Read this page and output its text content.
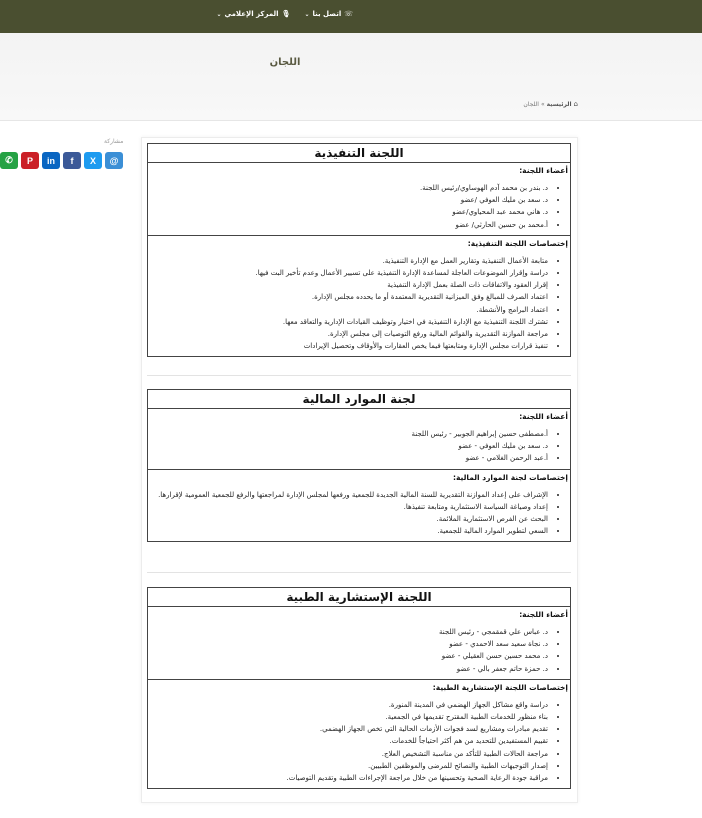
🎙
المركز الإعلامي
⌄	☏
اتصل بنا
⌄
اللجان
⌂
الرئيسية
»
اللجان
مشاركة
✆ P in f X @
اللجنة التنفيذية
أعضاء اللجنة:
• د. بندر بن محمد آدم الهوساوي/رئيس اللجنة.
• د. سعد بن مليك العوفي /عضو
• د. هاني محمد عبد المحياوي/عضو
• أ.محمد بن حسين الحارثي/ عضو
إختصاصات اللجنة التنفيذية:
• متابعة الأعمال التنفيذية وتقارير العمل مع الإدارة التنفيذية.
• دراسة وإقرار الموضوعات العاجلة لمساعدة الإدارة التنفيذية على تسيير الأعمال وعدم تأخير البت فيها.
• إقرار العقود والاتفاقات ذات الصلة بعمل الإدارة التنفيذية
• اعتماد الصرف للمبالغ وفق الميزانية التقديرية المعتمدة أو ما يحدده مجلس الإدارة.
• اعتماد البرامج والأنشطة.
• تشترك اللجنة التنفيذية مع الإدارة التنفيذية في اختيار وتوظيف القيادات الإدارية والتعاقد معها.
• مراجعة الموازنة التقديرية والقوائم المالية ورفع التوصيات إلى مجلس الإدارة.
• تنفيذ قرارات مجلس الإدارة ومتابعتها فيما يخص العقارات والأوقاف وتحصيل الإيرادات
لجنة الموارد المالية
أعضاء اللجنة:
• أ.مصطفى حسين إبراهيم الجوبير - رئيس اللجنة
• د. سعد بن مليك العوفي - عضو
• أ.عبد الرحمن الغلامي - عضو
إختصاصات لجنة الموارد المالية:
• الإشراف على إعداد الموازنة التقديرية للسنة المالية الجديدة للجمعية ورفعها لمجلس الإدارة لمراجعتها والرفع للجمعية العمومية لإقرارها.
• إعداد وصياغة السياسة الاستثمارية ومتابعة تنفيذها.
• البحث عن الفرص الاستثمارية الملائمة.
• السعي لتطوير الموارد المالية للجمعية.
اللجنة الإستشارية الطبية
أعضاء اللجنة:
• د. عباس علي قمقمجي - رئيس اللجنة
• د. نجاة سعيد سعد الاحمدي - عضو
• د. محمد حسين حسن العقيلي - عضو
• د. حمزة حاتم جعفر بالي - عضو
إختصاصات اللجنة الإستشارية الطبية:
• دراسة واقع مشاكل الجهاز الهضمي في المدينة المنورة.
• بناء منظور للخدمات الطبية المقترح تقديمها في الجمعية.
• تقديم مبادرات ومشاريع لسد فجوات الأزمات الحالية التي تخص الجهاز الهضمي.
• تقييم المستفيدين للتحديد من هم أكثر احتياجاً للخدمات.
• مراجعة الحالات الطبية للتأكد من مناسبة التشخيص العلاج.
• إصدار التوجيهات الطبية والنصائح للمرضى والموظفين الطبيين.
• مراقبة جودة الرعاية الصحية وتحسينها من خلال مراجعة الإجراءات الطبية وتقديم التوصيات.
